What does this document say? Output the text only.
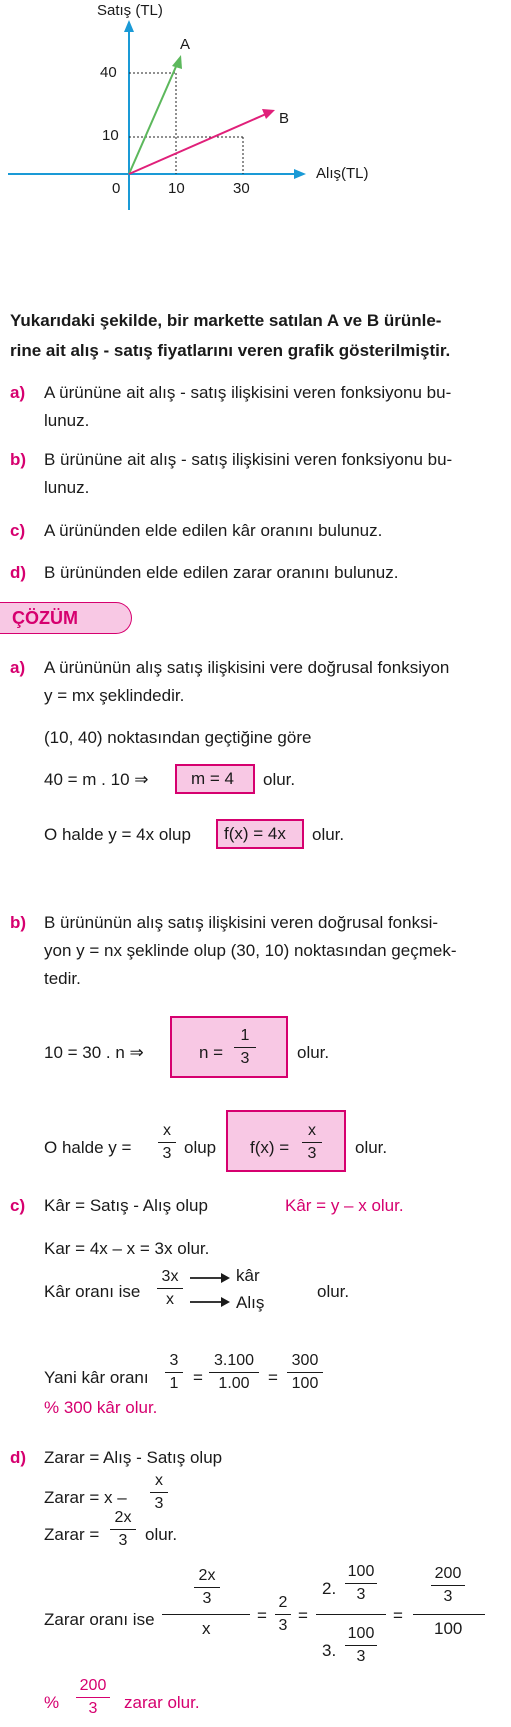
Satış (TL)
Alış(TL)
0
40
10
10	30
A
B
Yukarıdaki şekilde, bir markette satılan A ve B ürünle-
rine ait alış - satış fiyatlarını veren grafik gösterilmiştir.
a) A ürününe ait alış - satış ilişkisini veren fonksiyonu bu-
lunuz.
b) B ürününe ait alış - satış ilişkisini veren fonksiyonu bu-
lunuz.
c) A ürününden elde edilen kâr oranını bulunuz.
d) B ürününden elde edilen zarar oranını bulunuz.
ÇÖZÜM
a) A ürününün alış satış ilişkisini vere doğrusal fonksiyon
y = mx şeklindedir.
(10, 40) noktasından geçtiğine göre
40 = m . 10 ⇒	m = 4 olur.
O halde y = 4x olup f(x) = 4x olur.
b) B ürününün alış satış ilişkisini veren doğrusal fonksi-
yon y = nx şeklinde olup (30, 10) noktasından geçmek-
tedir.
10 = 30 . n ⇒	n =
1
3	olur.
O halde y =
x
3 olup f(x) =
x
3	olur.
c) Kâr = Satış - Alış olup	Kâr = y – x olur.
Kar = 4x – x = 3x olur.
Kâr oranı ise
3x
x
kâr
Alış
olur.
Yani kâr oranı
3
1 =
3.100
1.00	=
300
100
% 300 kâr olur.
d) Zarar = Alış - Satış olup
Zarar = x –
x
3
Zarar =
2x
3	olur.
Zarar oranı ise
2x
3
x
=
2
3
=
2.
100
3
3.
100
3
=
200
3
100
%
200
3	zarar olur.
